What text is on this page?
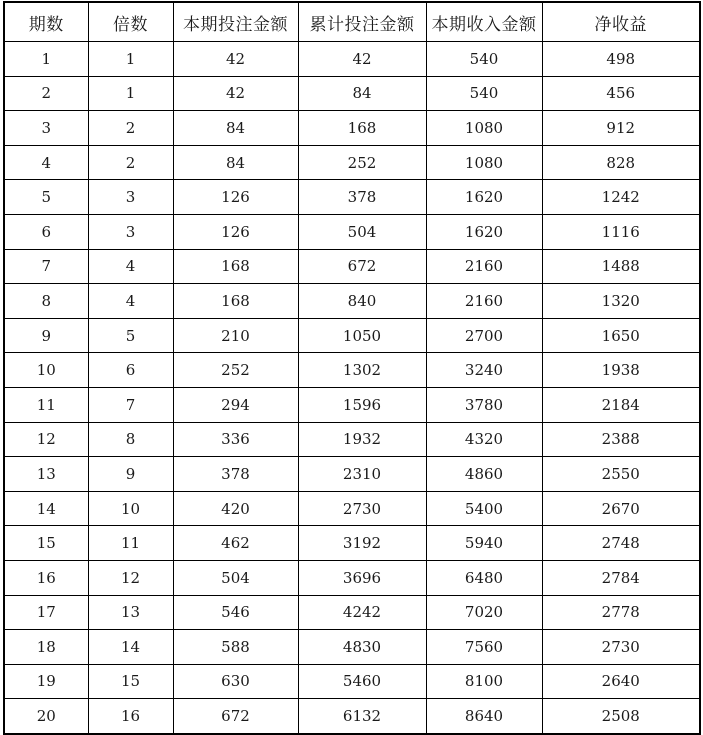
期数	倍数	本期投注金额	累计投注金额	本期收入金额	净收益
1	1	42	42	540	498
2	1	42	84	540	456
3	2	84	168	1080	912
4	2	84	252	1080	828
5	3	126	378	1620	1242
6	3	126	504	1620	1116
7	4	168	672	2160	1488
8	4	168	840	2160	1320
9	5	210	1050	2700	1650
10	6	252	1302	3240	1938
11	7	294	1596	3780	2184
12	8	336	1932	4320	2388
13	9	378	2310	4860	2550
14	10	420	2730	5400	2670
15	11	462	3192	5940	2748
16	12	504	3696	6480	2784
17	13	546	4242	7020	2778
18	14	588	4830	7560	2730
19	15	630	5460	8100	2640
20	16	672	6132	8640	2508
